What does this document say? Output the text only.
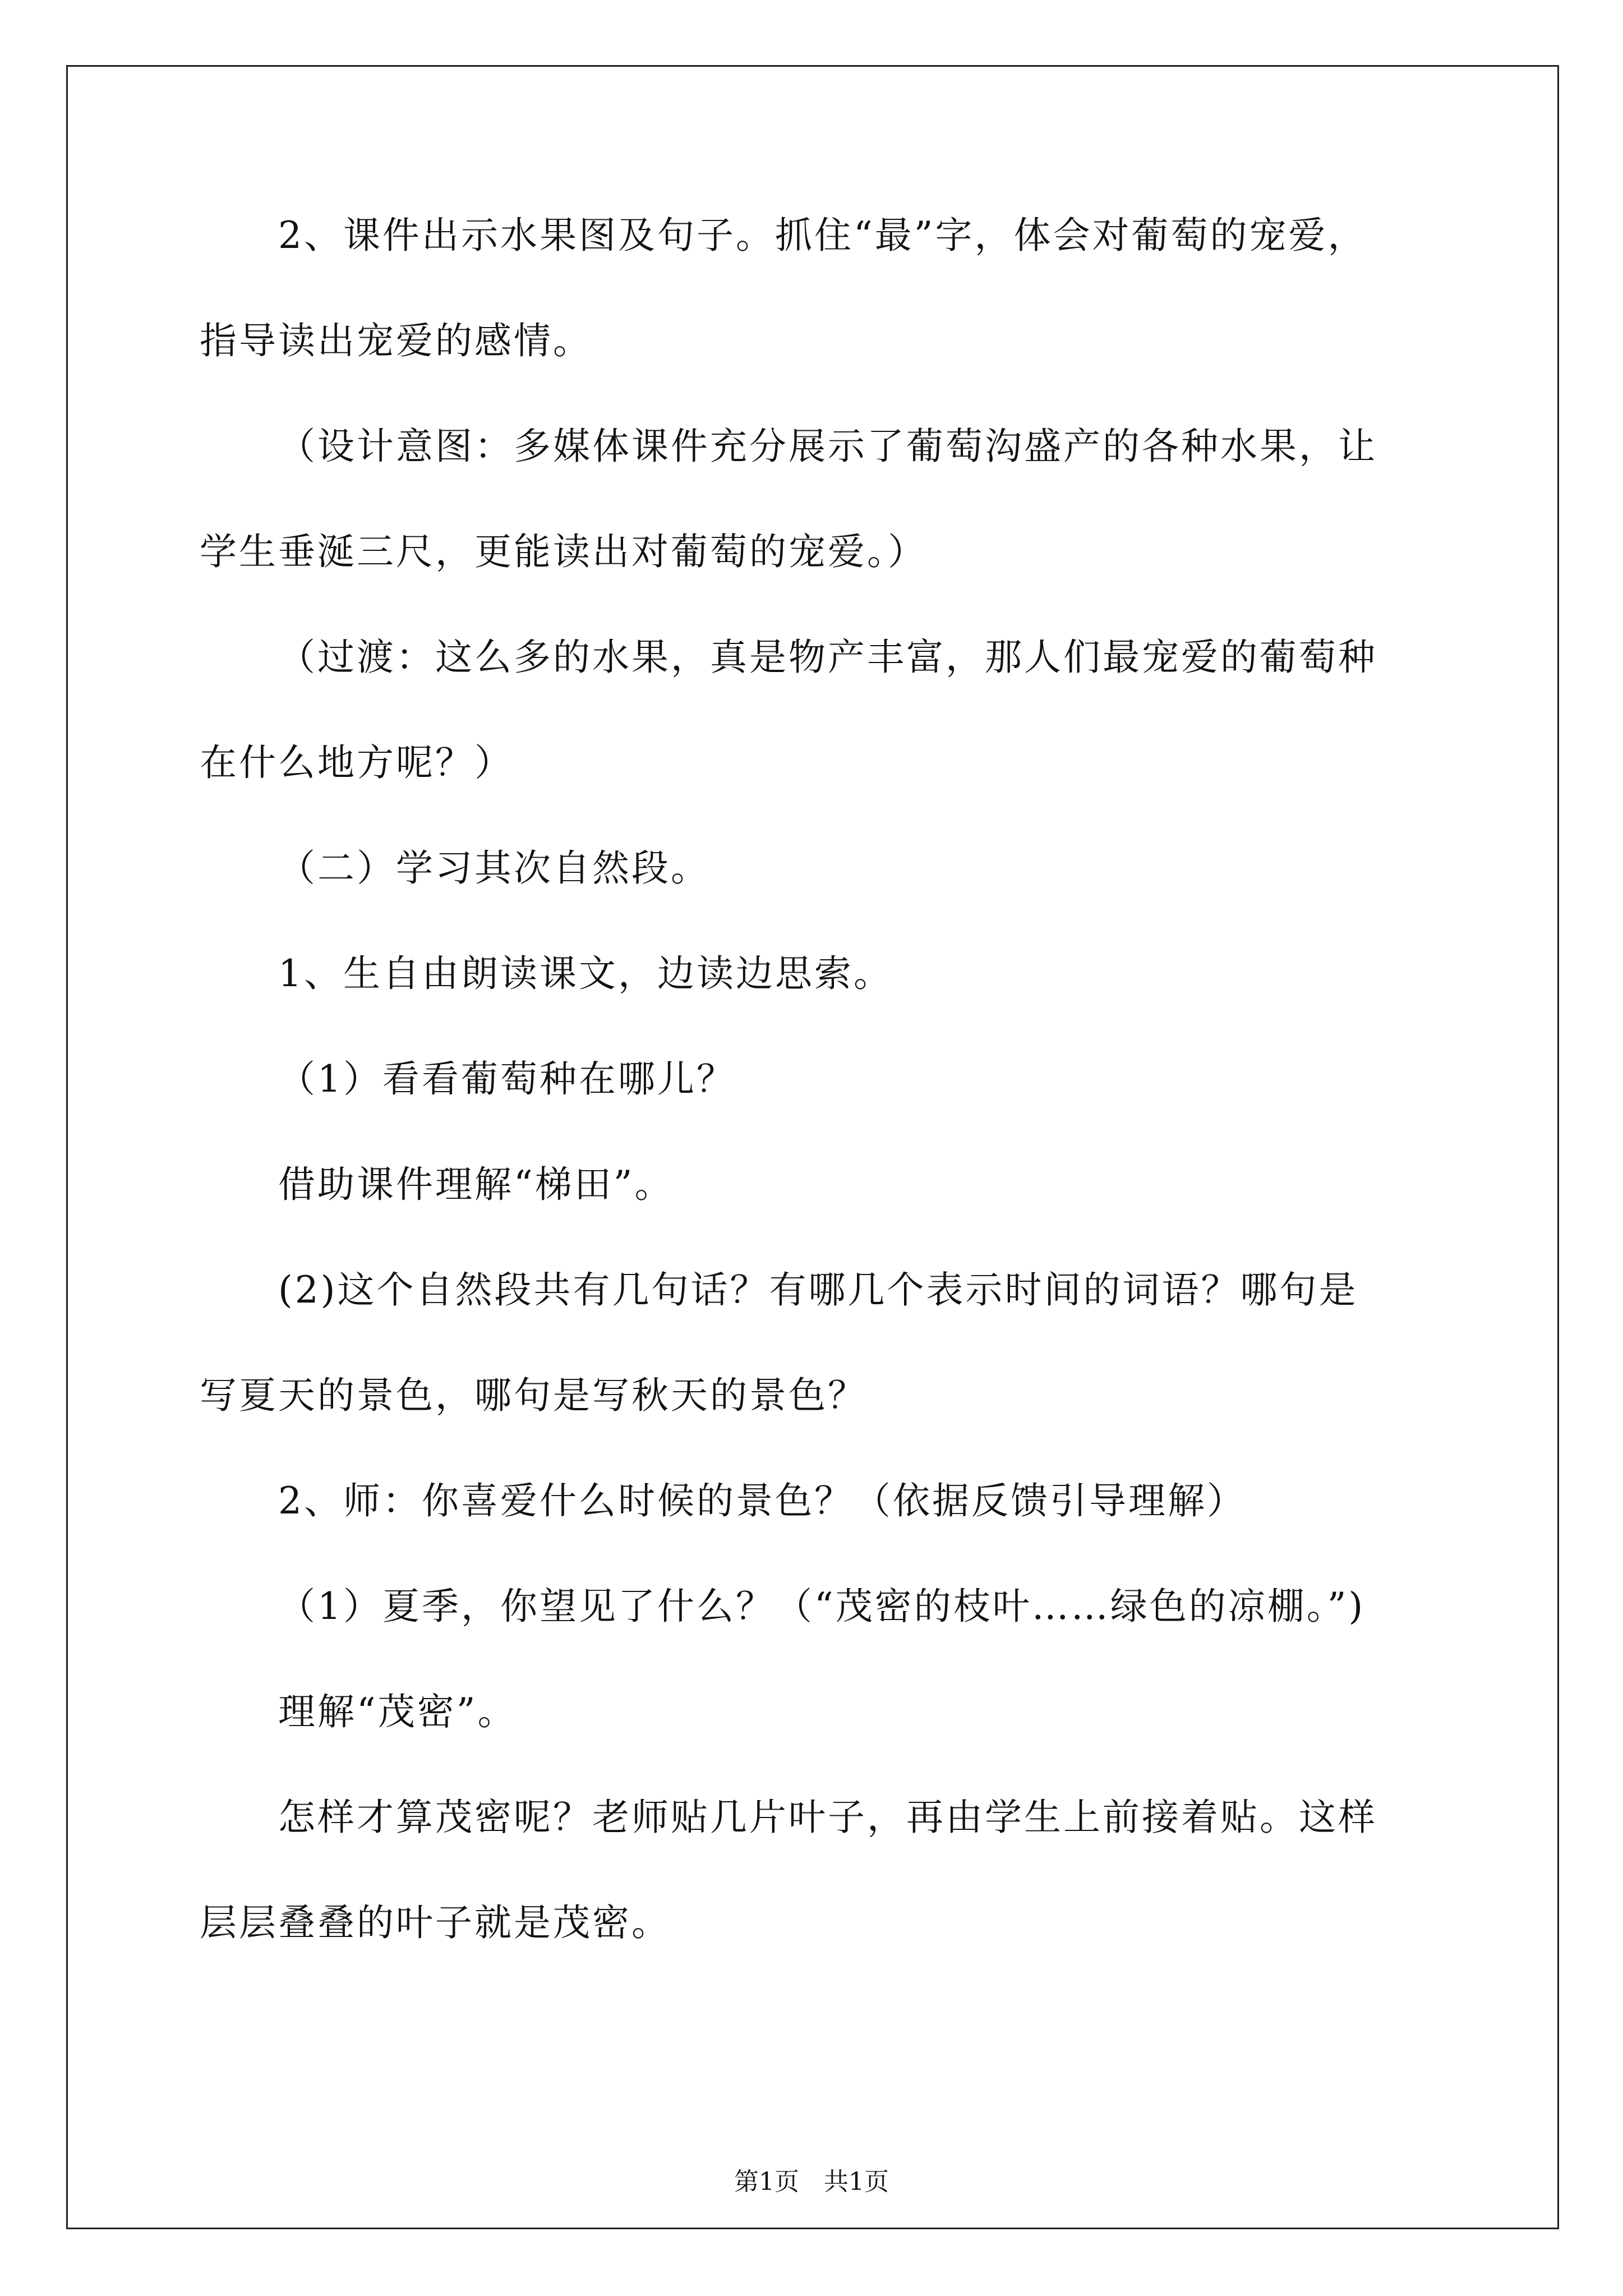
2、课件出示水果图及句子。抓住“最”字，体会对葡萄的宠爱，
指导读出宠爱的感情。
（设计意图：多媒体课件充分展示了葡萄沟盛产的各种水果，让
学生垂涎三尺，更能读出对葡萄的宠爱。）
（过渡：这么多的水果，真是物产丰富，那人们最宠爱的葡萄种
在什么地方呢？）
（二）学习其次自然段。
1、生自由朗读课文，边读边思索。
（1）看看葡萄种在哪儿？
借助课件理解“梯田”。
(2)这个自然段共有几句话？有哪几个表示时间的词语？哪句是
写夏天的景色，哪句是写秋天的景色？
2、师：你喜爱什么时候的景色？（依据反馈引导理解）
（1）夏季，你望见了什么？（“茂密的枝叶……绿色的凉棚。”)
理解“茂密”。
怎样才算茂密呢？老师贴几片叶子，再由学生上前接着贴。这样
层层叠叠的叶子就是茂密。
第1页　共1页
